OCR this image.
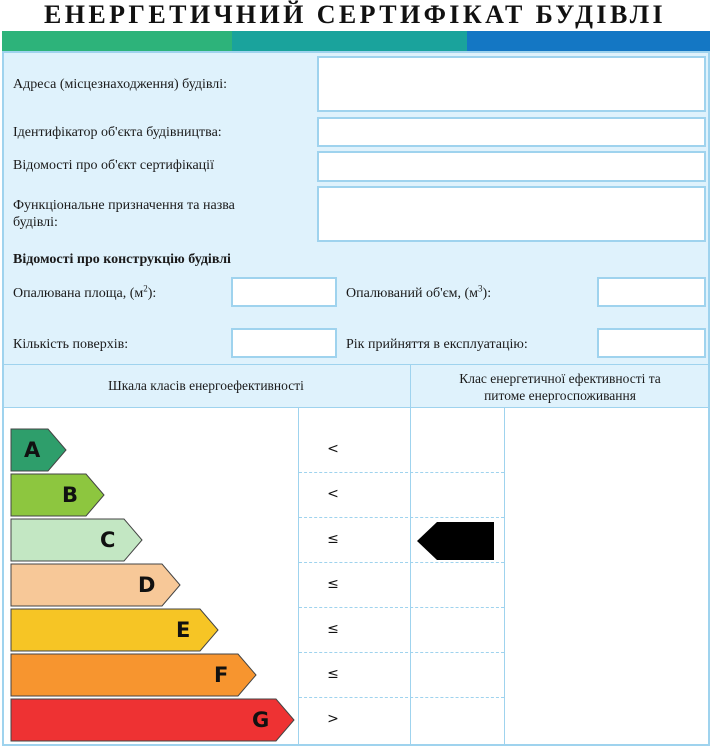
ЕНЕРГЕТИЧНИЙ СЕРТИФІКАТ БУДІВЛІ
Адреса (місцезнаходження) будівлі:
Ідентифікатор об'єкта будівництва:
Відомості про об'єкт сертифікації
Функціональне призначення та назва
будівлі:
Відомості про конструкцію будівлі
Опалювана площа, $(м^2)$:	Опалюваний об'єм, $(м^3)$:
Кількість поверхів:	Рік прийняття в експлуатацію:
Шкала класів енергоефективності	Клас енергетичної ефективності та
питоме енергоспоживання
A	<
B	<
C	≤
D	≤
E	≤
F	≤
G	>
